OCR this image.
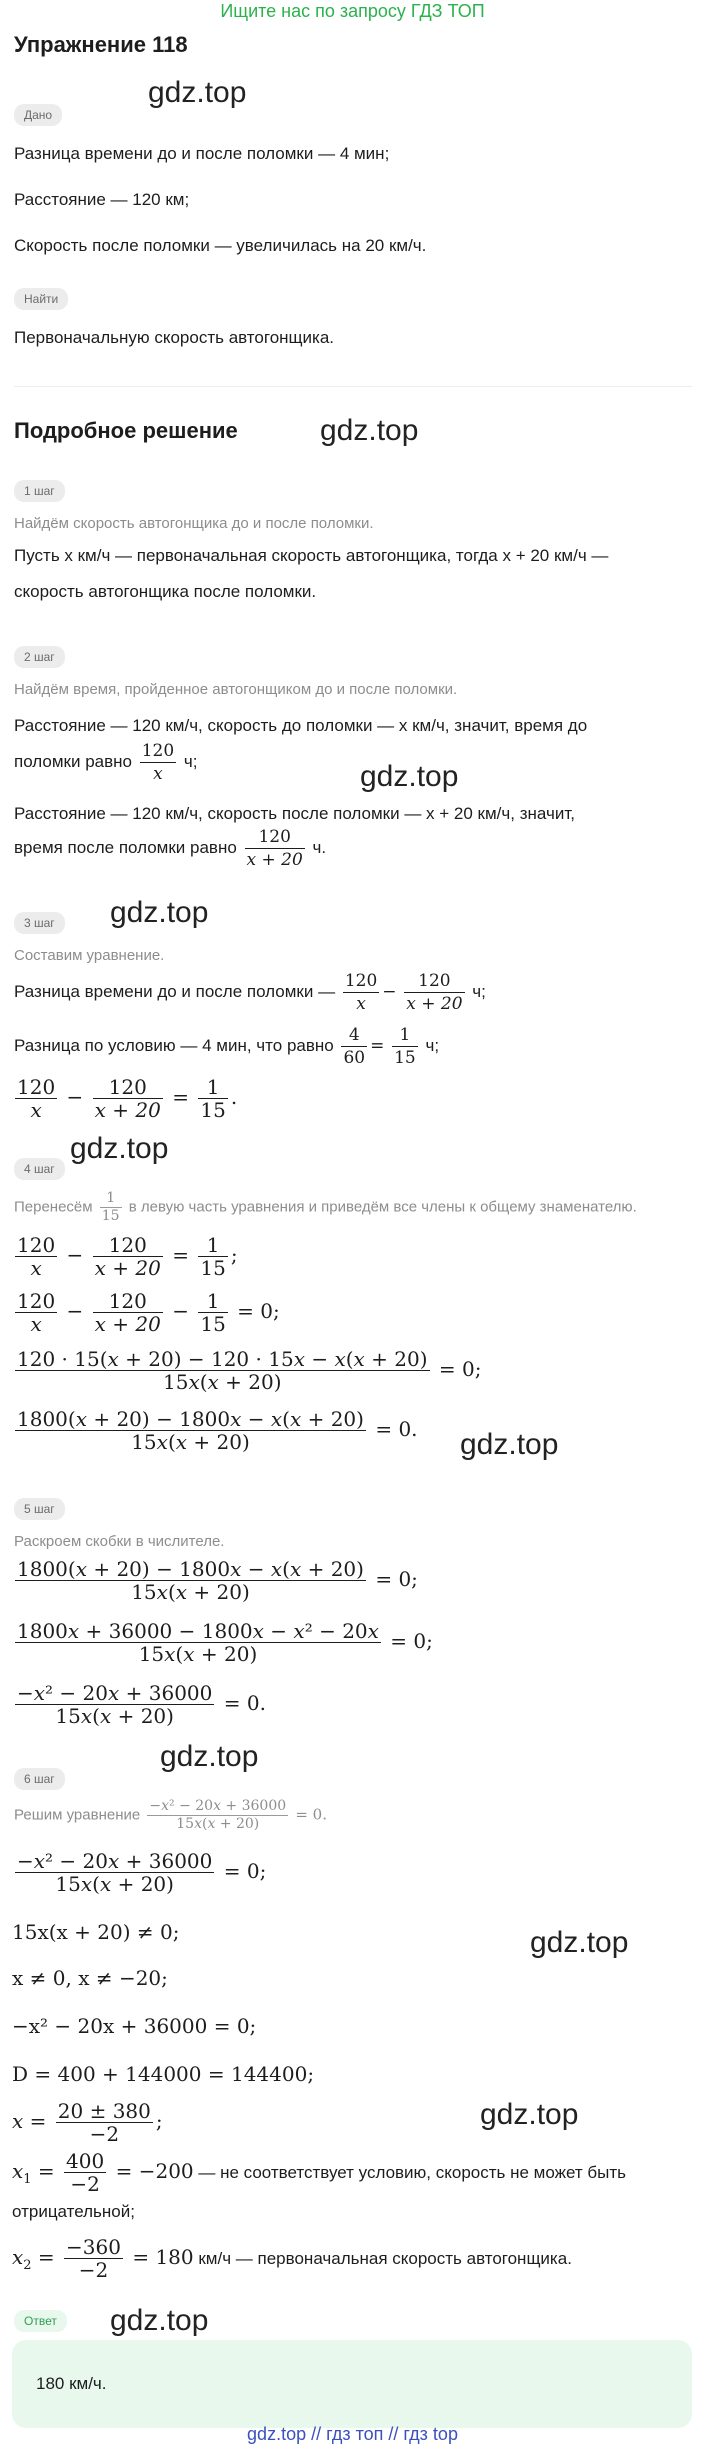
Ищите нас по запросу ГДЗ ТОП
Упражнение 118
Дано
gdz.top
Разница времени до и после поломки — 4 мин;
Расстояние — 120 км;
Скорость после поломки — увеличилась на 20 км/ч.
Найти
Первоначальную скорость автогонщика.
Подробное решение	gdz.top
1 шаг
Найдём скорость автогонщика до и после поломки.
Пусть x км/ч — первоначальная скорость автогонщика, тогда x + 20 км/ч —
скорость автогонщика после поломки.
2 шаг
Найдём время, пройденное автогонщиком до и после поломки.
Расстояние — 120 км/ч, скорость до поломки — x км/ч, значит, время до
поломки равно $\frac{120}{x} ч$;	gdz.top
Расстояние — 120 км/ч, скорость после поломки — x + 20 км/ч, значит,
время после поломки равно $\frac{120}{x + 20} ч$.
3 шаг	gdz.top
Составим уравнение.
Разница времени до и после поломки — $\frac{120}{x} - \frac{120}{x + 20} ч$;
Разница по условию — 4 мин, что равно $\frac{4}{60} = \frac{1}{15} ч$;
$\frac{120}{x} - \frac{120}{x + 20} = \frac{1}{15}$ .
4 шаг
gdz.top
Перенесём $\frac{1}{15}$ в левую часть уравнения и приведём все члены к общему знаменателю.
$\frac{120}{x} - \frac{120}{x + 20} = \frac{1}{15}$ ;
$\frac{120}{x} - \frac{120}{x + 20} - \frac{1}{15} = 0$;
$\frac{120 \cdot 15(x + 20) - 120 \cdot 15x - x(x + 20)}{15x(x + 20)} = 0$;
$\frac{1800(x + 20) - 1800x - x(x + 20)}{15x(x + 20)} = 0$. gdz.top
5 шаг
Раскроем скобки в числителе.
$\frac{1800(x + 20) - 1800x - x(x + 20)}{15x(x + 20)} = 0$;
$\frac{\text{1800x + 36000 − 1800x − x² − 20x}}{15x(x + 20)} = 0$;
$\frac{\text{−x² − 20x + 36000}}{15x(x + 20)} = 0$.
gdz.top
6 шаг
Решим уравнение $\frac{\text{−x² − 20x + 36000}}{15x(x + 20)} = 0$.
$\frac{\text{−x² − 20x + 36000}}{15x(x + 20)} = 0$;
15x(x + 20) ≠ 0;	gdz.top
x ≠ 0, x ≠ −20;
−x² − 20x + 36000 = 0;
D = 400 + 144000 = 144400;
$x = \frac{20 \pm 380}{-2}$ ;	gdz.top
$x_1 = \frac{400}{-2} = -200$ — не соответствует условию, скорость не может быть
отрицательной;
$x_2 = \frac{-360}{-2} = 180$ км/ч — первоначальная скорость автогонщика.
Ответ	gdz.top
180 км/ч.
gdz.top // гдз топ // гдз top
